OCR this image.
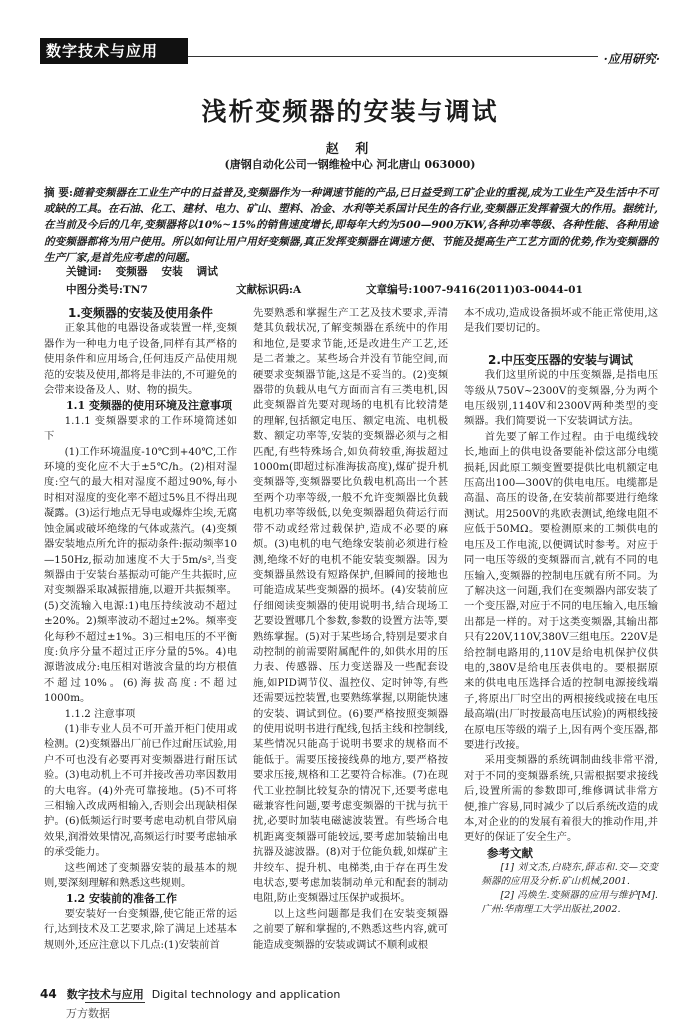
数字技术与应用	·应用研究·
浅析变频器的安装与调试
赵 利
(唐钢自动化公司一钢维检中心 河北唐山 063000)
摘 要:随着变频器在工业生产中的日益普及,变频器作为一种调速节能的产品,已日益受到工矿企业的重视,成为工业生产及生活中不可或缺的工具。在石油、化工、建材、电力、矿山、塑料、冶金、水利等关系国计民生的各行业,变频器正发挥着强大的作用。据统计,在当前及今后的几年,变频器将以10%~15%的销售速度增长,即每年大约为500—900万KW,各种功率等级、各种性能、各种用途的变频器都将为用户使用。所以如何让用户用好变频器,真正发挥变频器在调速方便、节能及提高生产工艺方面的优势,作为变频器的生产厂家,是首先应考虑的问题。
关键词: 变频器 安装 调试
中图分类号:TN7	文献标识码:A	文章编号:1007-9416(2011)03-0044-01

1.变频器的安装及使用条件

正象其他的电器设备或装置一样,变频器作为一种电力电子设备,同样有其严格的使用条件和应用场合,任何违反产品使用规范的安装及使用,都将是非法的,不可避免的会带来设备及人、财、物的损失。

1.1 变频器的使用环境及注意事项

1.1.1 变频器要求的工作环境简述如下

(1)工作环境温度-10℃到+40℃,工作环境的变化应不大于±5℃/h。(2)相对湿度:空气的最大相对湿度不超过90%,每小时相对湿度的变化率不超过5%且不得出现凝露。(3)运行地点无导电或爆炸尘埃,无腐蚀金属或破坏绝缘的气体或蒸汽。(4)变频器安装地点所允许的振动条件:振动频率10—150Hz,振动加速度不大于5m/s²,当变频器由于安装台基振动可能产生共振时,应对变频器采取减振措施,以避开共振频率。(5)交流输入电源:1)电压持续波动不超过±20%。2)频率波动不超过±2%。频率变化每秒不超过±1%。3)三相电压的不平衡度:负序分量不超过正序分量的5%。4)电源谐波成分:电压相对谐波含量的均方根值不超过10%。(6)海拔高度:不超过1000m。

1.1.2 注意事项

(1)非专业人员不可开盖开柜门使用或检测。(2)变频器出厂前已作过耐压试验,用户不可也没有必要再对变频器进行耐压试验。(3)电动机上不可并接改善功率因数用的大电容。(4)外壳可靠接地。(5)不可将三相输入改成两相输入,否则会出现缺相保护。(6)低频运行时要考虑电动机自带风扇效果,润滑效果情况,高频运行时要考虑轴承的承受能力。

这些阐述了变频器安装的最基本的规则,要深刻理解和熟悉这些规则。

1.2 安装前的准备工作

要安装好一台变频器,使它能正常的运行,达到技术及工艺要求,除了满足上述基本规则外,还应注意以下几点:(1)安装前首

先要熟悉和掌握生产工艺及技术要求,弄清楚其负载状况,了解变频器在系统中的作用和地位,是要求节能,还是改进生产工艺,还是二者兼之。某些场合并没有节能空间,而硬要求变频器节能,这是不妥当的。(2)变频器带的负载从电气方面而言有三类电机,因此变频器首先要对现场的电机有比较清楚的理解,包括额定电压、额定电流、电机极数、额定功率等,安装的变频器必须与之相匹配,有些特殊场合,如负荷较重,海拔超过1000m(即超过标准海拔高度),煤矿提升机变频器等,变频器要比负载电机高出一个甚至两个功率等级,一般不允许变频器比负载电机功率等级低,以免变频器超负荷运行而带不动或经常过载保护,造成不必要的麻烦。(3)电机的电气绝缘安装前必须进行检测,绝缘不好的电机不能安装变频器。因为变频器虽然设有短路保护,但瞬间的接地也可能造成某些变频器的损坏。(4)安装前应仔细阅读变频器的使用说明书,结合现场工艺要设置哪几个参数,参数的设置方法等,要熟练掌握。(5)对于某些场合,特别是要求自动控制的前需要附属配件的,如供水用的压力表、传感器、压力变送器及一些配套设施,如PID调节仪、温控仪、定时钟等,有些还需要远控装置,也要熟练掌握,以期能快速的安装、调试到位。(6)要严格按照变频器的使用说明书进行配线,包括主线和控制线,某些情况只能高于说明书要求的规格而不能低于。需要压接接线鼻的地方,要严格按要求压接,规格和工艺要符合标准。(7)在现代工业控制比较复杂的情况下,还要考虑电磁兼容性问题,要考虑变频器的干扰与抗干扰,必要时加装电磁滤波装置。有些场合电机距离变频器可能较远,要考虑加装输出电抗器及滤波器。(8)对于位能负载,如煤矿主井绞车、提升机、电梯类,由于存在再生发电状态,要考虑加装制动单元和配套的制动电阻,防止变频器过压保护或损坏。

以上这些问题都是我们在安装变频器之前要了解和掌握的,不熟悉这些内容,就可能造成变频器的安装或调试不顺利或根

本不成功,造成设备损坏或不能正常使用,这是我们要切记的。

2.中压变压器的安装与调试

我们这里所说的中压变频器,是指电压等级从750V~2300V的变频器,分为两个电压级别,1140V和2300V两种类型的变频器。我们简要说一下安装调试方法。

首先要了解工作过程。由于电缆线较长,地面上的供电设备要能补偿这部分电缆损耗,因此原工频变置要提供比电机额定电压高出100—300V的供电电压。电缆都是高温、高压的设备,在安装前都要进行绝缘测试。用2500V的兆欧表测试,绝缘电阻不应低于50MΩ。要检测原来的工频供电的电压及工作电流,以便调试时参考。对应于同一电压等级的变频器而言,就有不同的电压输入,变频器的控制电压就有所不同。为了解决这一问题,我们在变频器内部安装了一个变压器,对应于不同的电压输入,电压输出都是一样的。对于这类变频器,其输出都只有220V,110V,380V三组电压。220V是给控制电路用的,110V是给电机保护仪供电的,380V是给电压表供电的。要根据原来的供电电压选择合适的控制电源接线端子,将原出厂时空出的两根接线或接在电压最高端(出厂时按最高电压试验)的两根线接在原电压等级的端子上,因有两个变压器,都要进行改接。

采用变频器的系统调制曲线非常平滑,对于不同的变频器系统,只需根据要求接线后,设置所需的参数即可,维修调试非常方便,推广容易,同时减少了以后系统改造的成本,对企业的的发展有着很大的推动作用,并更好的保证了安全生产。

参考文献

[1] 刘文杰,白晓东,薛志和.交—交变频器的应用及分析.矿山机械,2001.

[2] 冯焕生.变频器的应用与维护[M].广州:华南理工大学出版社,2002.

44 数字技术与应用 Digital technology and application
万方数据
